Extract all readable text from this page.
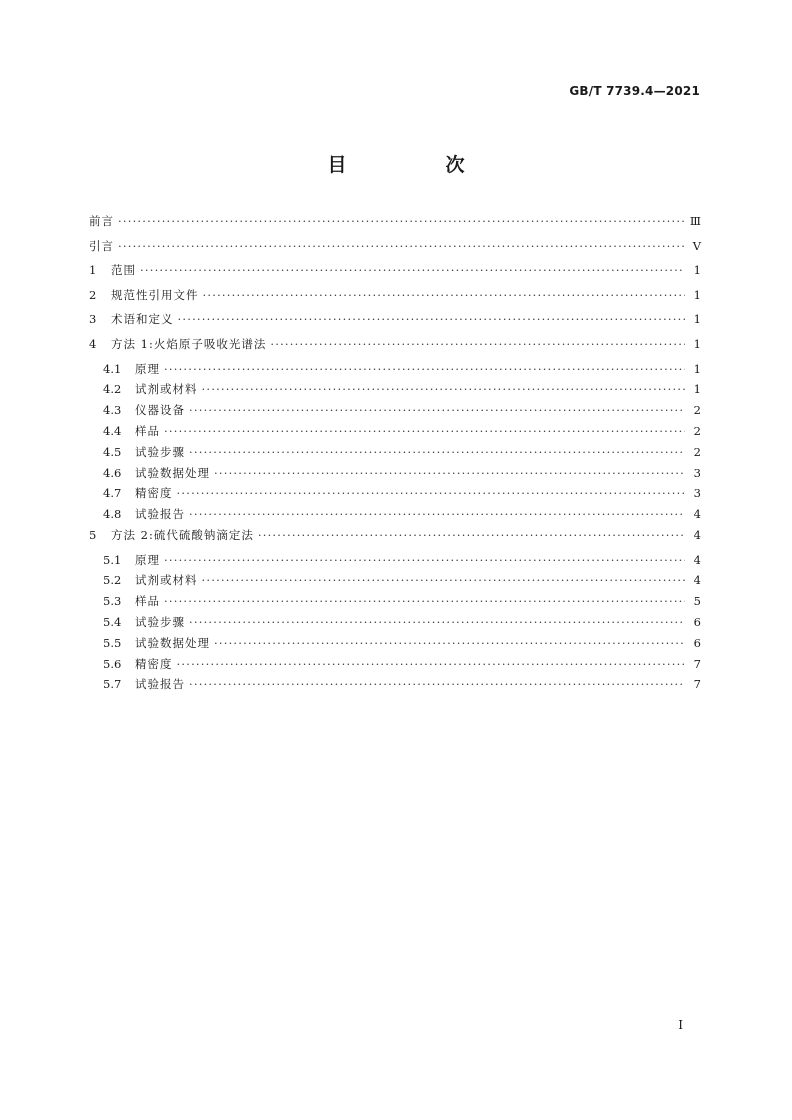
GB/T 7739.4—2021
目　次
前言 ·····	Ⅲ
引言 ·····	Ⅴ
1	范围 ·····	1
2	规范性引用文件 ·····	1
3	术语和定义 ·····	1
4	方法 1:火焰原子吸收光谱法 ·····	1
4.1	原理 ·····	1
4.2	试剂或材料 ·····	1
4.3	仪器设备 ·····	2
4.4	样品 ·····	2
4.5	试验步骤 ·····	2
4.6	试验数据处理 ·····	3
4.7	精密度 ·····	3
4.8	试验报告 ·····	4
5	方法 2:硫代硫酸钠滴定法 ·····	4
5.1	原理 ·····	4
5.2	试剂或材料 ·····	4
5.3	样品 ·····	5
5.4	试验步骤 ·····	6
5.5	试验数据处理 ·····	6
5.6	精密度 ·····	7
5.7	试验报告 ·····	7
Ⅰ
